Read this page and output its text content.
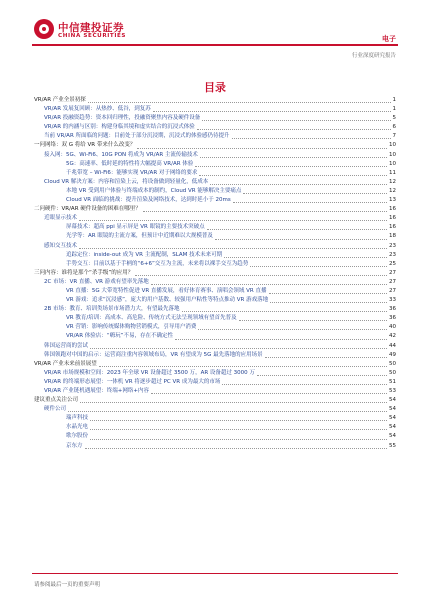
中信建投证券
CHINA SECURITIES	电子
行业深度研究报告
目录
VR/AR 产业全景初探	1
VR/AR 发展复回顾：从热炒、低谷，到复苏	1
VR/AR 投融资趋势：资本回归理性，投融资聚焦内容及硬件设备	5
VR/AR 的内涵与区别：构建身临其境和虚实结合的沉浸式体验	6
当前 VR/AR 所面临的问题：目前处于部分沉浸期，沉浸式的体验感仍待提升	7
一问网络：双 G 将给 VR 带来什么改变？	10
接入网：5G、Wi-Fi6、10G PON 将成为 VR/AR 主流传输技术	10
5G：高速率、低时延的特性将大幅提高 VR/AR 体验	10
千兆带宽 – Wi-Fi6：能够实现 VR/AR 对于网络的要求	11
Cloud VR 解决方案：内容和渲染上云，将设备做到轻量化，低成本	12
本地 VR 受到用户体验与终端成本的制约，Cloud VR 能够解决主要痛点	12
Cloud VR 面临的挑战：提升渲染及网络技术，达到时延小于 20ms	13
二问硬件：VR/AR 硬件设备的困难在哪里？	16
近眼显示技术	16
屏幕技术：超高 ppi 显示屏是 VR 眼镜的主要技术突破点	16
光学等：AR 眼镜的主流方案，但预计中近期难以大规模普及	18
感知交互技术	23
追踪定位：inside-out 成为 VR 主流配制，SLAM 技术未来可期	23
手势交互：目前以基于手柄的“6+6”交互为主流，未来将以裸手交互为趋势	25
三问内容：谁将是那个“杀手级”的应用？	27
2C 市场：VR 直播、VR 游戏有望率先落地	27
VR 直播：5G 大带宽特性促进 VR 直播发展，看好体育赛事、演唱会领域 VR 直播	27
VR 游戏：追求“沉浸感”，庞大的用户基数、较强用户粘性等特点推动 VR 游戏落地	33
2B 市场：教育、培训类场景市场潜力大，有望最先落地	36
VR 教育/培训：高成本、高危险、传统方式无法呈现领域有望首先普及	36
VR 营销：影响传统媒体购物营销模式，引导用户消费	40
VR/AR 体验店：“嗨玩”不易，存在不确定性	42
韩国运营商的尝试	44
韩国领跑对中国的启示：运营商注重内容领域布局，VR 有望成为 5G 最先落地的应用场景	49
VR/AR 产业未来前景展望	50
VR/AR 市场规模和空间：2023 年全球 VR 设备超过 3500 万，AR 设备超过 3000 万	50
VR/AR 的终端形态展望：一体机 VR 将逐步超过 PC VR 成为最大的市场	51
VR/AR 产业链机遇展望：终端+网络+内容	53
建议重点关注公司	54
硬件公司	54
瑞声科技	54
水晶光电	54
歌尔股份	54
京东方	55
请参阅最后一页的重要声明
